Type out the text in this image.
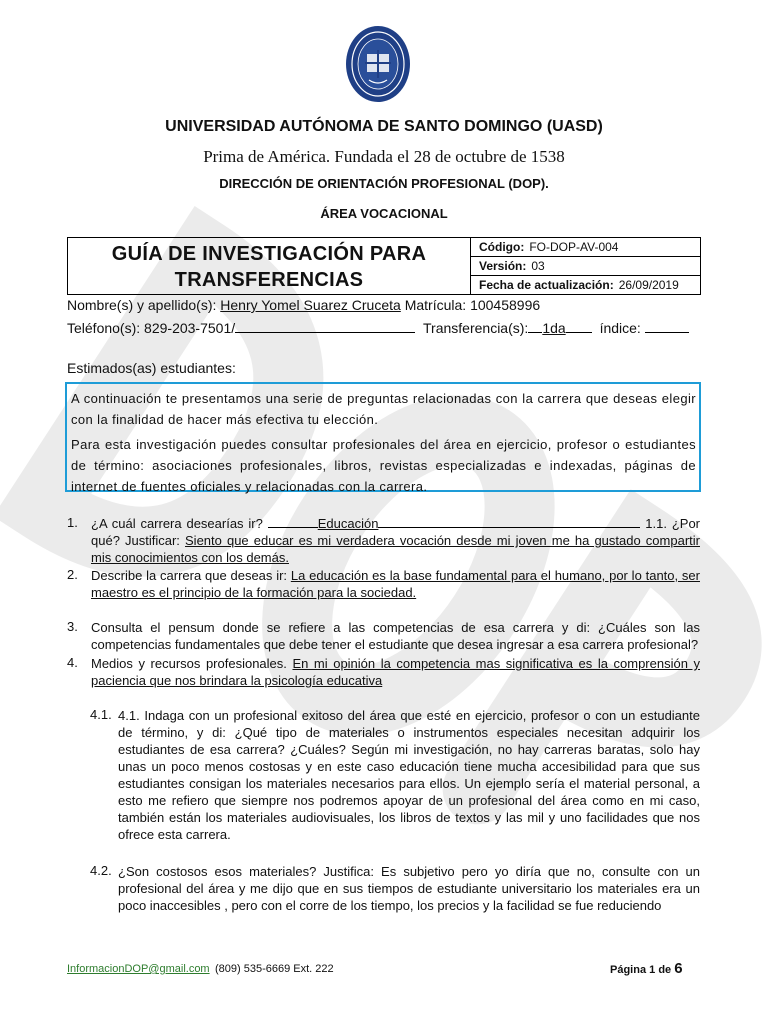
UNIVERSIDAD AUTÓNOMA DE SANTO DOMINGO (UASD)
Prima de América. Fundada el 28 de octubre de 1538
DIRECCIÓN DE ORIENTACIÓN PROFESIONAL (DOP).
ÁREA VOCACIONAL
GUÍA DE INVESTIGACIÓN PARA
TRANSFERENCIAS
Código: FO-DOP-AV-004
Versión: 03
Fecha de actualización: 26/09/2019
Nombre(s) y apellido(s): Henry Yomel Suarez Cruceta Matrícula: 100458996
Teléfono(s): 829-203-7501/	Transferencia(s): 1da índice:
Estimados(as) estudiantes:

A continuación te presentamos una serie de preguntas relacionadas con la carrera que deseas elegir con la finalidad de hacer más efectiva tu elección.

Para esta investigación puedes consultar profesionales del área en ejercicio, profesor o estudiantes de término: asociaciones profesionales, libros, revistas especializadas e indexadas, páginas de internet de fuentes oficiales y relacionadas con la carrera.

1. ¿A cuál carrera desearías ir?	Educación	1.1. ¿Por qué? Justificar: Siento que educar es mi verdadera vocación desde mi joven me ha gustado compartir mis conocimientos con los demás.
2. Describe la carrera que deseas ir: La educación es la base fundamental para el humano, por lo tanto, ser maestro es el principio de la formación para la sociedad.
3. Consulta el pensum donde se refiere a las competencias de esa carrera y di: ¿Cuáles son las competencias fundamentales que debe tener el estudiante que desea ingresar a esa carrera profesional?
4. Medios y recursos profesionales. En mi opinión la competencia mas significativa es la comprensión y paciencia que nos brindara la psicología educativa
4.1. 4.1. Indaga con un profesional exitoso del área que esté en ejercicio, profesor o con un estudiante de término, y di: ¿Qué tipo de materiales o instrumentos especiales necesitan adquirir los estudiantes de esa carrera? ¿Cuáles? Según mi investigación, no hay carreras baratas, solo hay unas un poco menos costosas y en este caso educación tiene mucha accesibilidad para que sus estudiantes consigan los materiales necesarios para ellos. Un ejemplo sería el material personal, a esto me refiero que siempre nos podremos apoyar de un profesional del área como en mi caso, también están los materiales audiovisuales, los libros de textos y las mil y uno facilidades que nos ofrece esta carrera.
4.2. ¿Son costosos esos materiales? Justifica: Es subjetivo pero yo diría que no, consulte con un profesional del área y me dijo que en sus tiempos de estudiante universitario los materiales era un poco inaccesibles , pero con el corre de los tiempo, los precios y la facilidad se fue reduciendo
InformacionDOP@gmail.com (809) 535-6669 Ext. 222	Página 1 de 6
